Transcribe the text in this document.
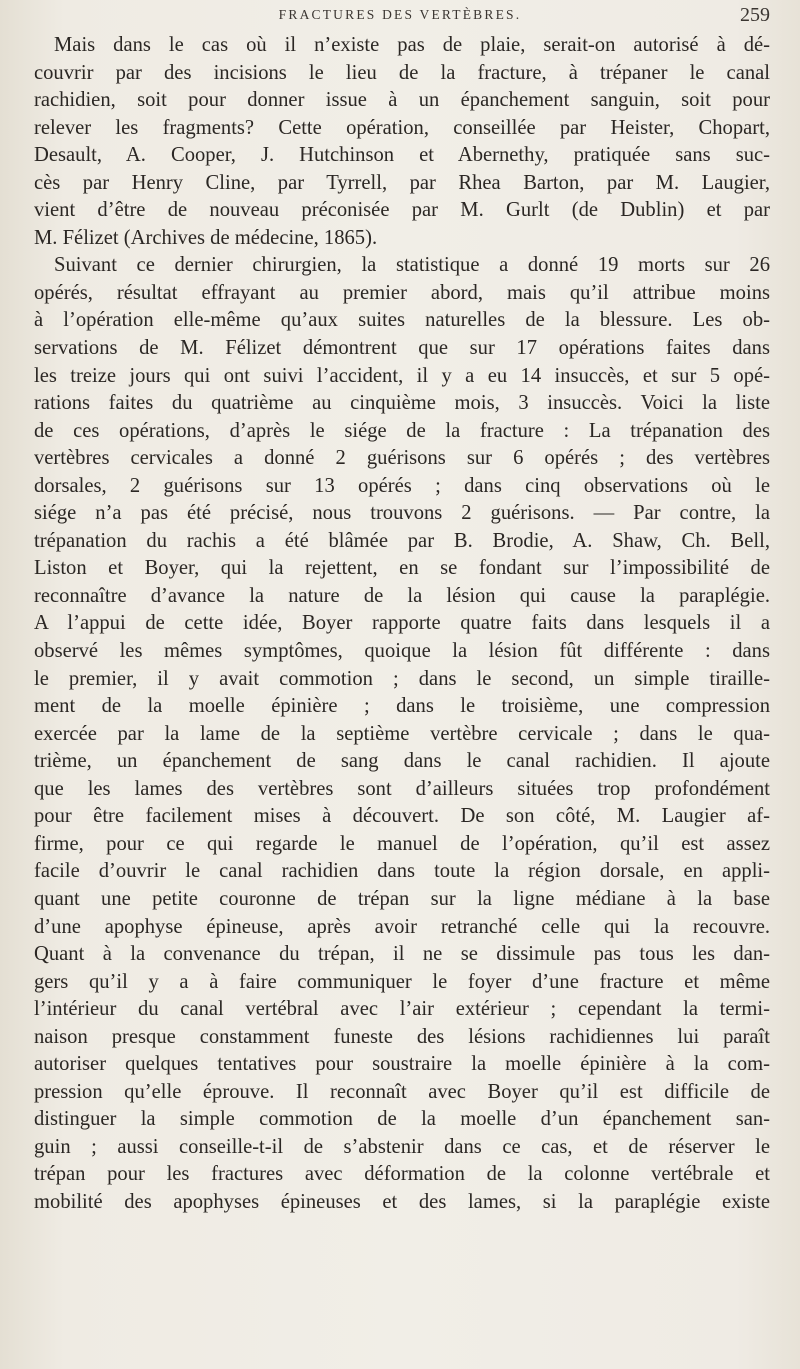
FRACTURES DES VERTÈBRES.	259
Mais dans le cas où il n’existe pas de plaie, serait-on autorisé à dé-
couvrir par des incisions le lieu de la fracture, à trépaner le canal
rachidien, soit pour donner issue à un épanchement sanguin, soit pour
relever les fragments? Cette opération, conseillée par Heister, Chopart,
Desault, A. Cooper, J. Hutchinson et Abernethy, pratiquée sans suc-
cès par Henry Cline, par Tyrrell, par Rhea Barton, par M. Laugier,
vient d’être de nouveau préconisée par M. Gurlt (de Dublin) et par
M. Félizet (Archives de médecine, 1865).
Suivant ce dernier chirurgien, la statistique a donné 19 morts sur 26
opérés, résultat effrayant au premier abord, mais qu’il attribue moins
à l’opération elle-même qu’aux suites naturelles de la blessure. Les ob-
servations de M. Félizet démontrent que sur 17 opérations faites dans
les treize jours qui ont suivi l’accident, il y a eu 14 insuccès, et sur 5 opé-
rations faites du quatrième au cinquième mois, 3 insuccès. Voici la liste
de ces opérations, d’après le siége de la fracture : La trépanation des
vertèbres cervicales a donné 2 guérisons sur 6 opérés ; des vertèbres
dorsales, 2 guérisons sur 13 opérés ; dans cinq observations où le
siége n’a pas été précisé, nous trouvons 2 guérisons. — Par contre, la
trépanation du rachis a été blâmée par B. Brodie, A. Shaw, Ch. Bell,
Liston et Boyer, qui la rejettent, en se fondant sur l’impossibilité de
reconnaître d’avance la nature de la lésion qui cause la paraplégie.
A l’appui de cette idée, Boyer rapporte quatre faits dans lesquels il a
observé les mêmes symptômes, quoique la lésion fût différente : dans
le premier, il y avait commotion ; dans le second, un simple tiraille-
ment de la moelle épinière ; dans le troisième, une compression
exercée par la lame de la septième vertèbre cervicale ; dans le qua-
trième, un épanchement de sang dans le canal rachidien. Il ajoute
que les lames des vertèbres sont d’ailleurs situées trop profondément
pour être facilement mises à découvert. De son côté, M. Laugier af-
firme, pour ce qui regarde le manuel de l’opération, qu’il est assez
facile d’ouvrir le canal rachidien dans toute la région dorsale, en appli-
quant une petite couronne de trépan sur la ligne médiane à la base
d’une apophyse épineuse, après avoir retranché celle qui la recouvre.
Quant à la convenance du trépan, il ne se dissimule pas tous les dan-
gers qu’il y a à faire communiquer le foyer d’une fracture et même
l’intérieur du canal vertébral avec l’air extérieur ; cependant la termi-
naison presque constamment funeste des lésions rachidiennes lui paraît
autoriser quelques tentatives pour soustraire la moelle épinière à la com-
pression qu’elle éprouve. Il reconnaît avec Boyer qu’il est difficile de
distinguer la simple commotion de la moelle d’un épanchement san-
guin ; aussi conseille-t-il de s’abstenir dans ce cas, et de réserver le
trépan pour les fractures avec déformation de la colonne vertébrale et
mobilité des apophyses épineuses et des lames, si la paraplégie existe
